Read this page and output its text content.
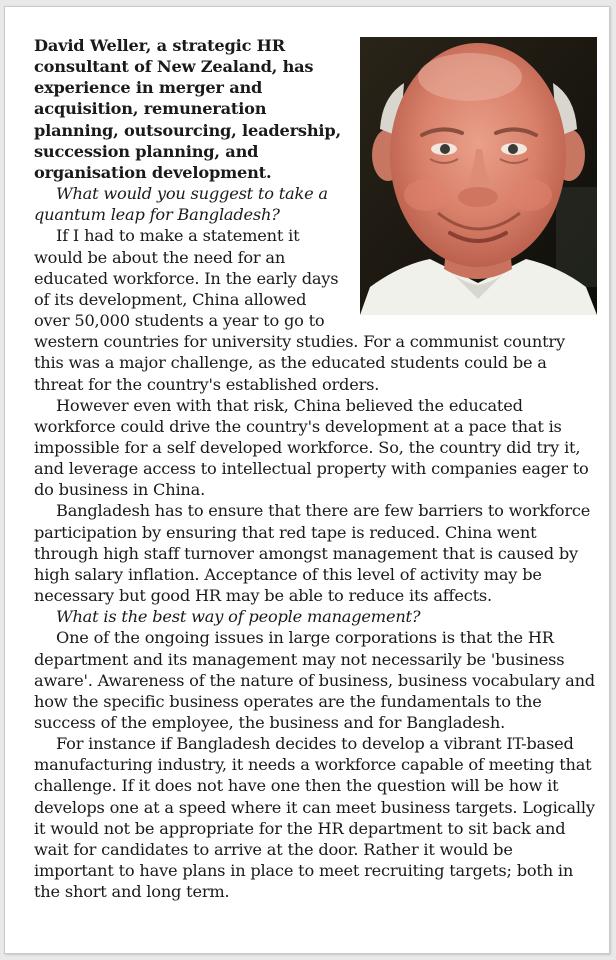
David Weller, a strategic HR consultant of New Zealand, has experience in merger and acquisition, remuneration planning, outsourcing, leadership, succession planning, and organisation development.

What would you suggest to take a quantum leap for Bangladesh?

If I had to make a statement it would be about the need for an educated workforce. In the early days of its development, China allowed over 50,000 students a year to go to western countries for university studies. For a communist country this was a major challenge, as the educated students could be a threat for the country's established orders.

However even with that risk, China believed the educated workforce could drive the country's development at a pace that is impossible for a self developed workforce. So, the country did try it, and leverage access to intellectual property with companies eager to do business in China.

Bangladesh has to ensure that there are few barriers to workforce participation by ensuring that red tape is reduced. China went through high staff turnover amongst management that is caused by high salary inflation. Acceptance of this level of activity may be necessary but good HR may be able to reduce its affects.

What is the best way of people management?

One of the ongoing issues in large corporations is that the HR department and its management may not necessarily be 'business aware'. Awareness of the nature of business, business vocabulary and how the specific business operates are the fundamentals to the success of the employee, the business and for Bangladesh.

For instance if Bangladesh decides to develop a vibrant IT-based manufacturing industry, it needs a workforce capable of meeting that challenge. If it does not have one then the question will be how it develops one at a speed where it can meet business targets. Logically it would not be appropriate for the HR department to sit back and wait for candidates to arrive at the door. Rather it would be important to have plans in place to meet recruiting targets; both in the short and long term.
